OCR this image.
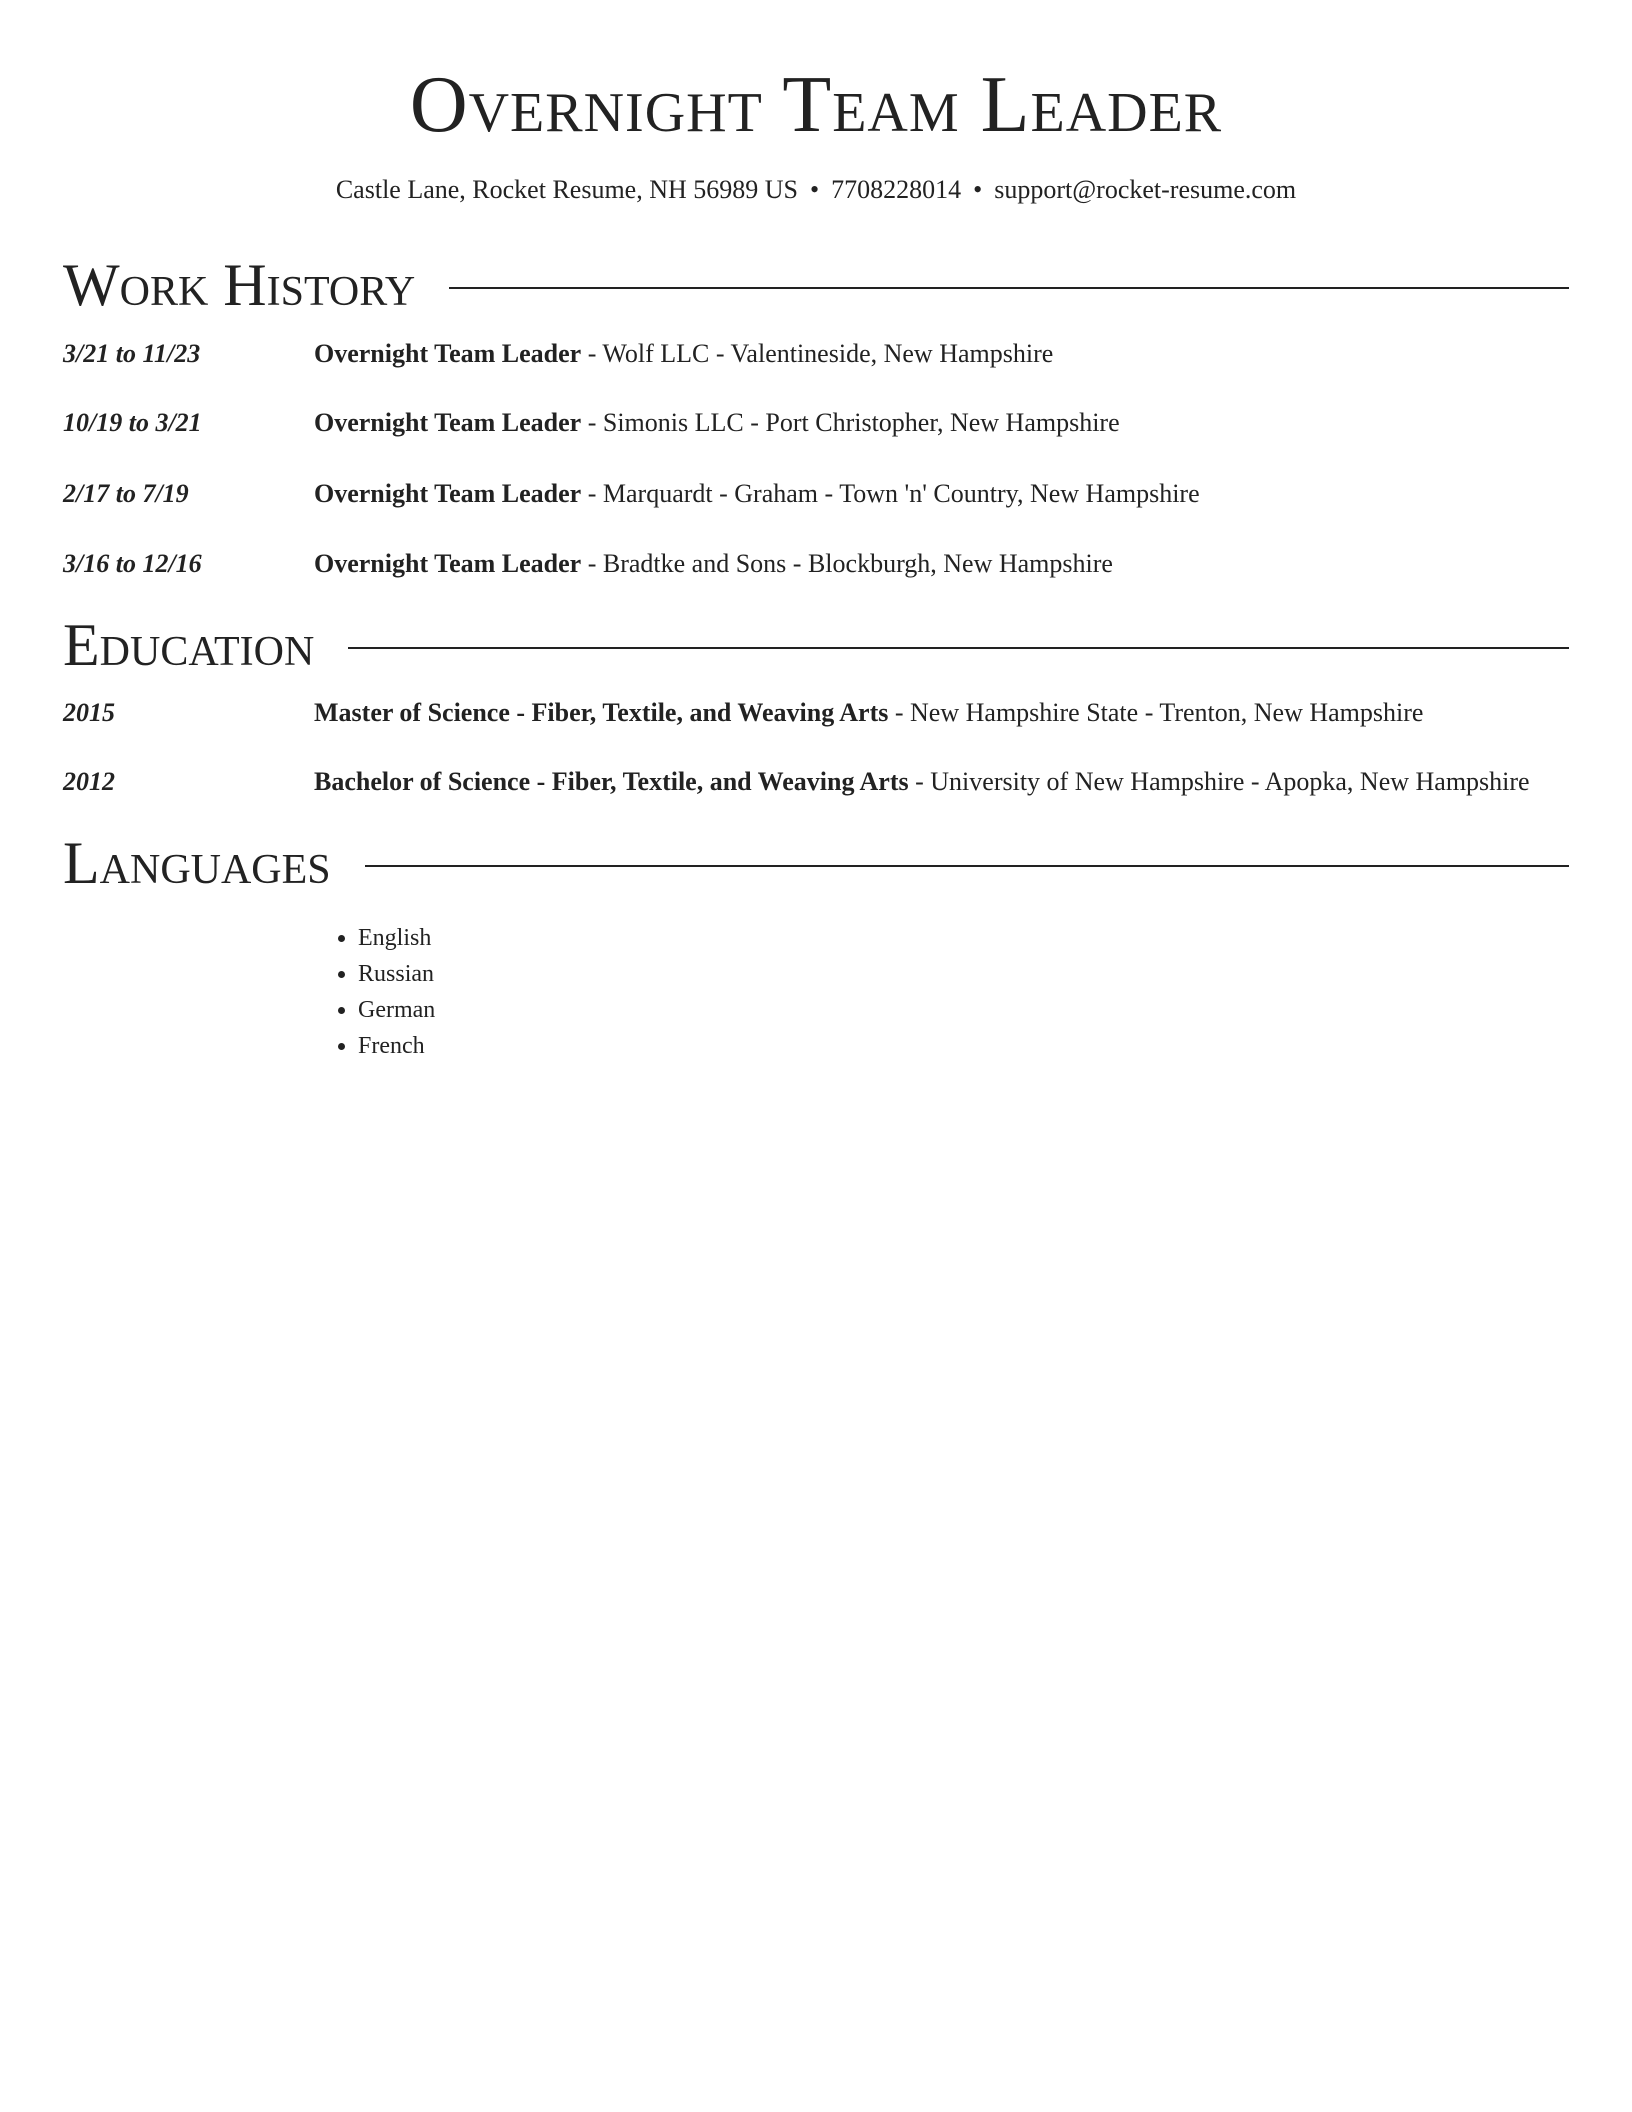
Overnight Team Leader
Castle Lane, Rocket Resume, NH 56989 US • 7708228014 • support@rocket-resume.com
Work History
3/21 to 11/23	Overnight Team Leader - Wolf LLC - Valentineside, New Hampshire
10/19 to 3/21	Overnight Team Leader - Simonis LLC - Port Christopher, New Hampshire
2/17 to 7/19	Overnight Team Leader - Marquardt - Graham - Town 'n' Country, New Hampshire
3/16 to 12/16	Overnight Team Leader - Bradtke and Sons - Blockburgh, New Hampshire
Education
2015	Master of Science - Fiber, Textile, and Weaving Arts - New Hampshire State - Trenton, New Hampshire
2012	Bachelor of Science - Fiber, Textile, and Weaving Arts - University of New Hampshire - Apopka, New Hampshire
Languages
• English
• Russian
• German
• French
